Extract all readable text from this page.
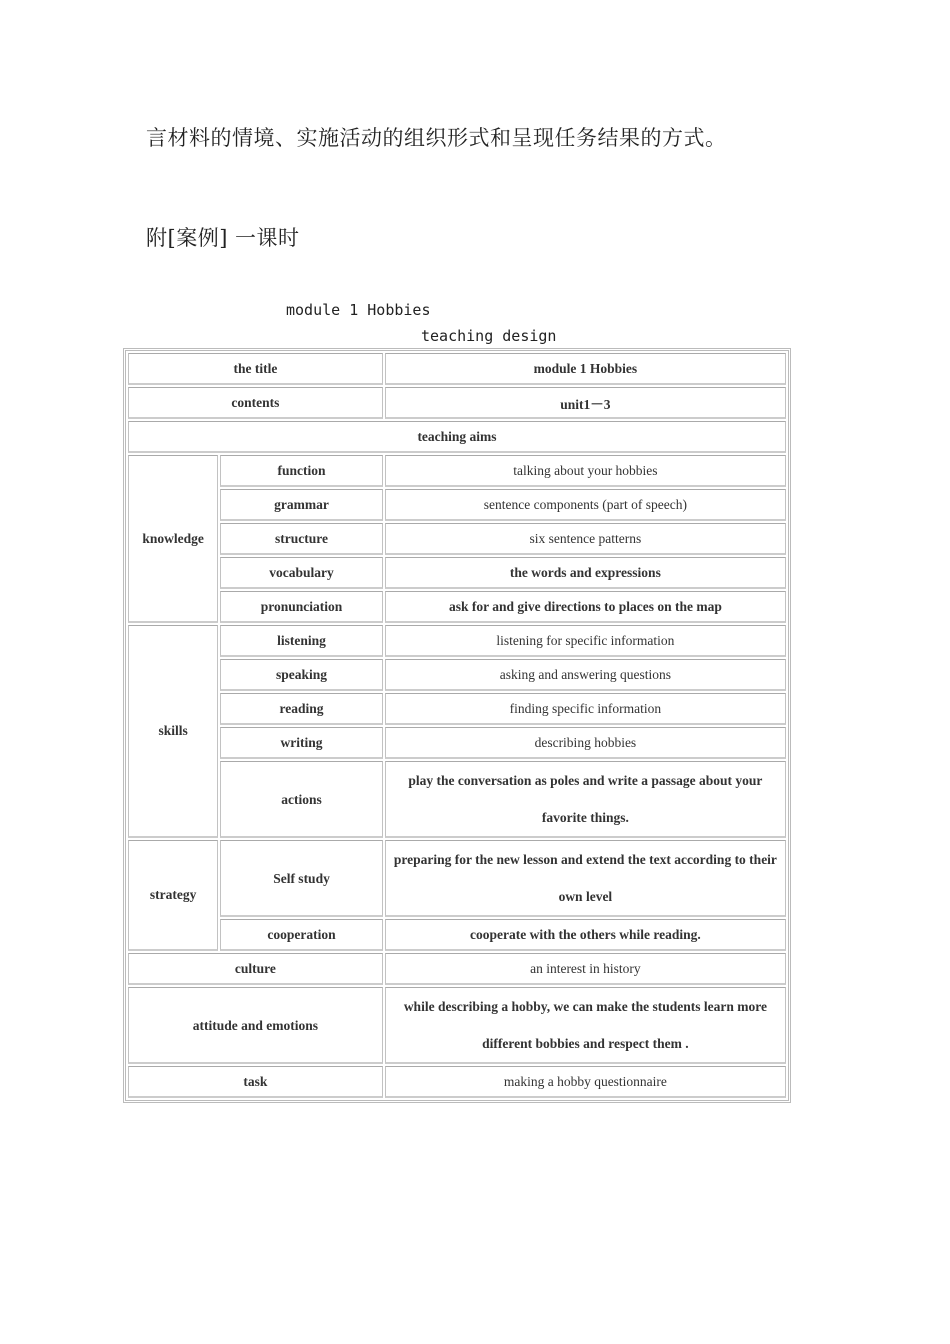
言材料的情境、实施活动的组织形式和呈现任务结果的方式。
附[案例] 一课时
module 1 Hobbies
teaching design
the title		module 1 Hobbies
contents		unit1－3
teaching aims		
knowledge	function	talking about your hobbies
	grammar	sentence components (part of speech)
	structure	six sentence patterns
	vocabulary	the words and expressions
	pronunciation	ask for and give directions to places on the map
skills	listening	listening for specific information
	speaking	asking and answering questions
	reading	finding specific information
	writing	describing hobbies
	actions	play the conversation as poles and write a passage about your favorite things.
strategy	Self study	preparing for the new lesson and extend the text according to their own level
	cooperation	cooperate with the others while reading.
culture		an interest in history
attitude and emotions		while describing a hobby, we can make the students learn more different bobbies and respect them .
task		making a hobby questionnaire
